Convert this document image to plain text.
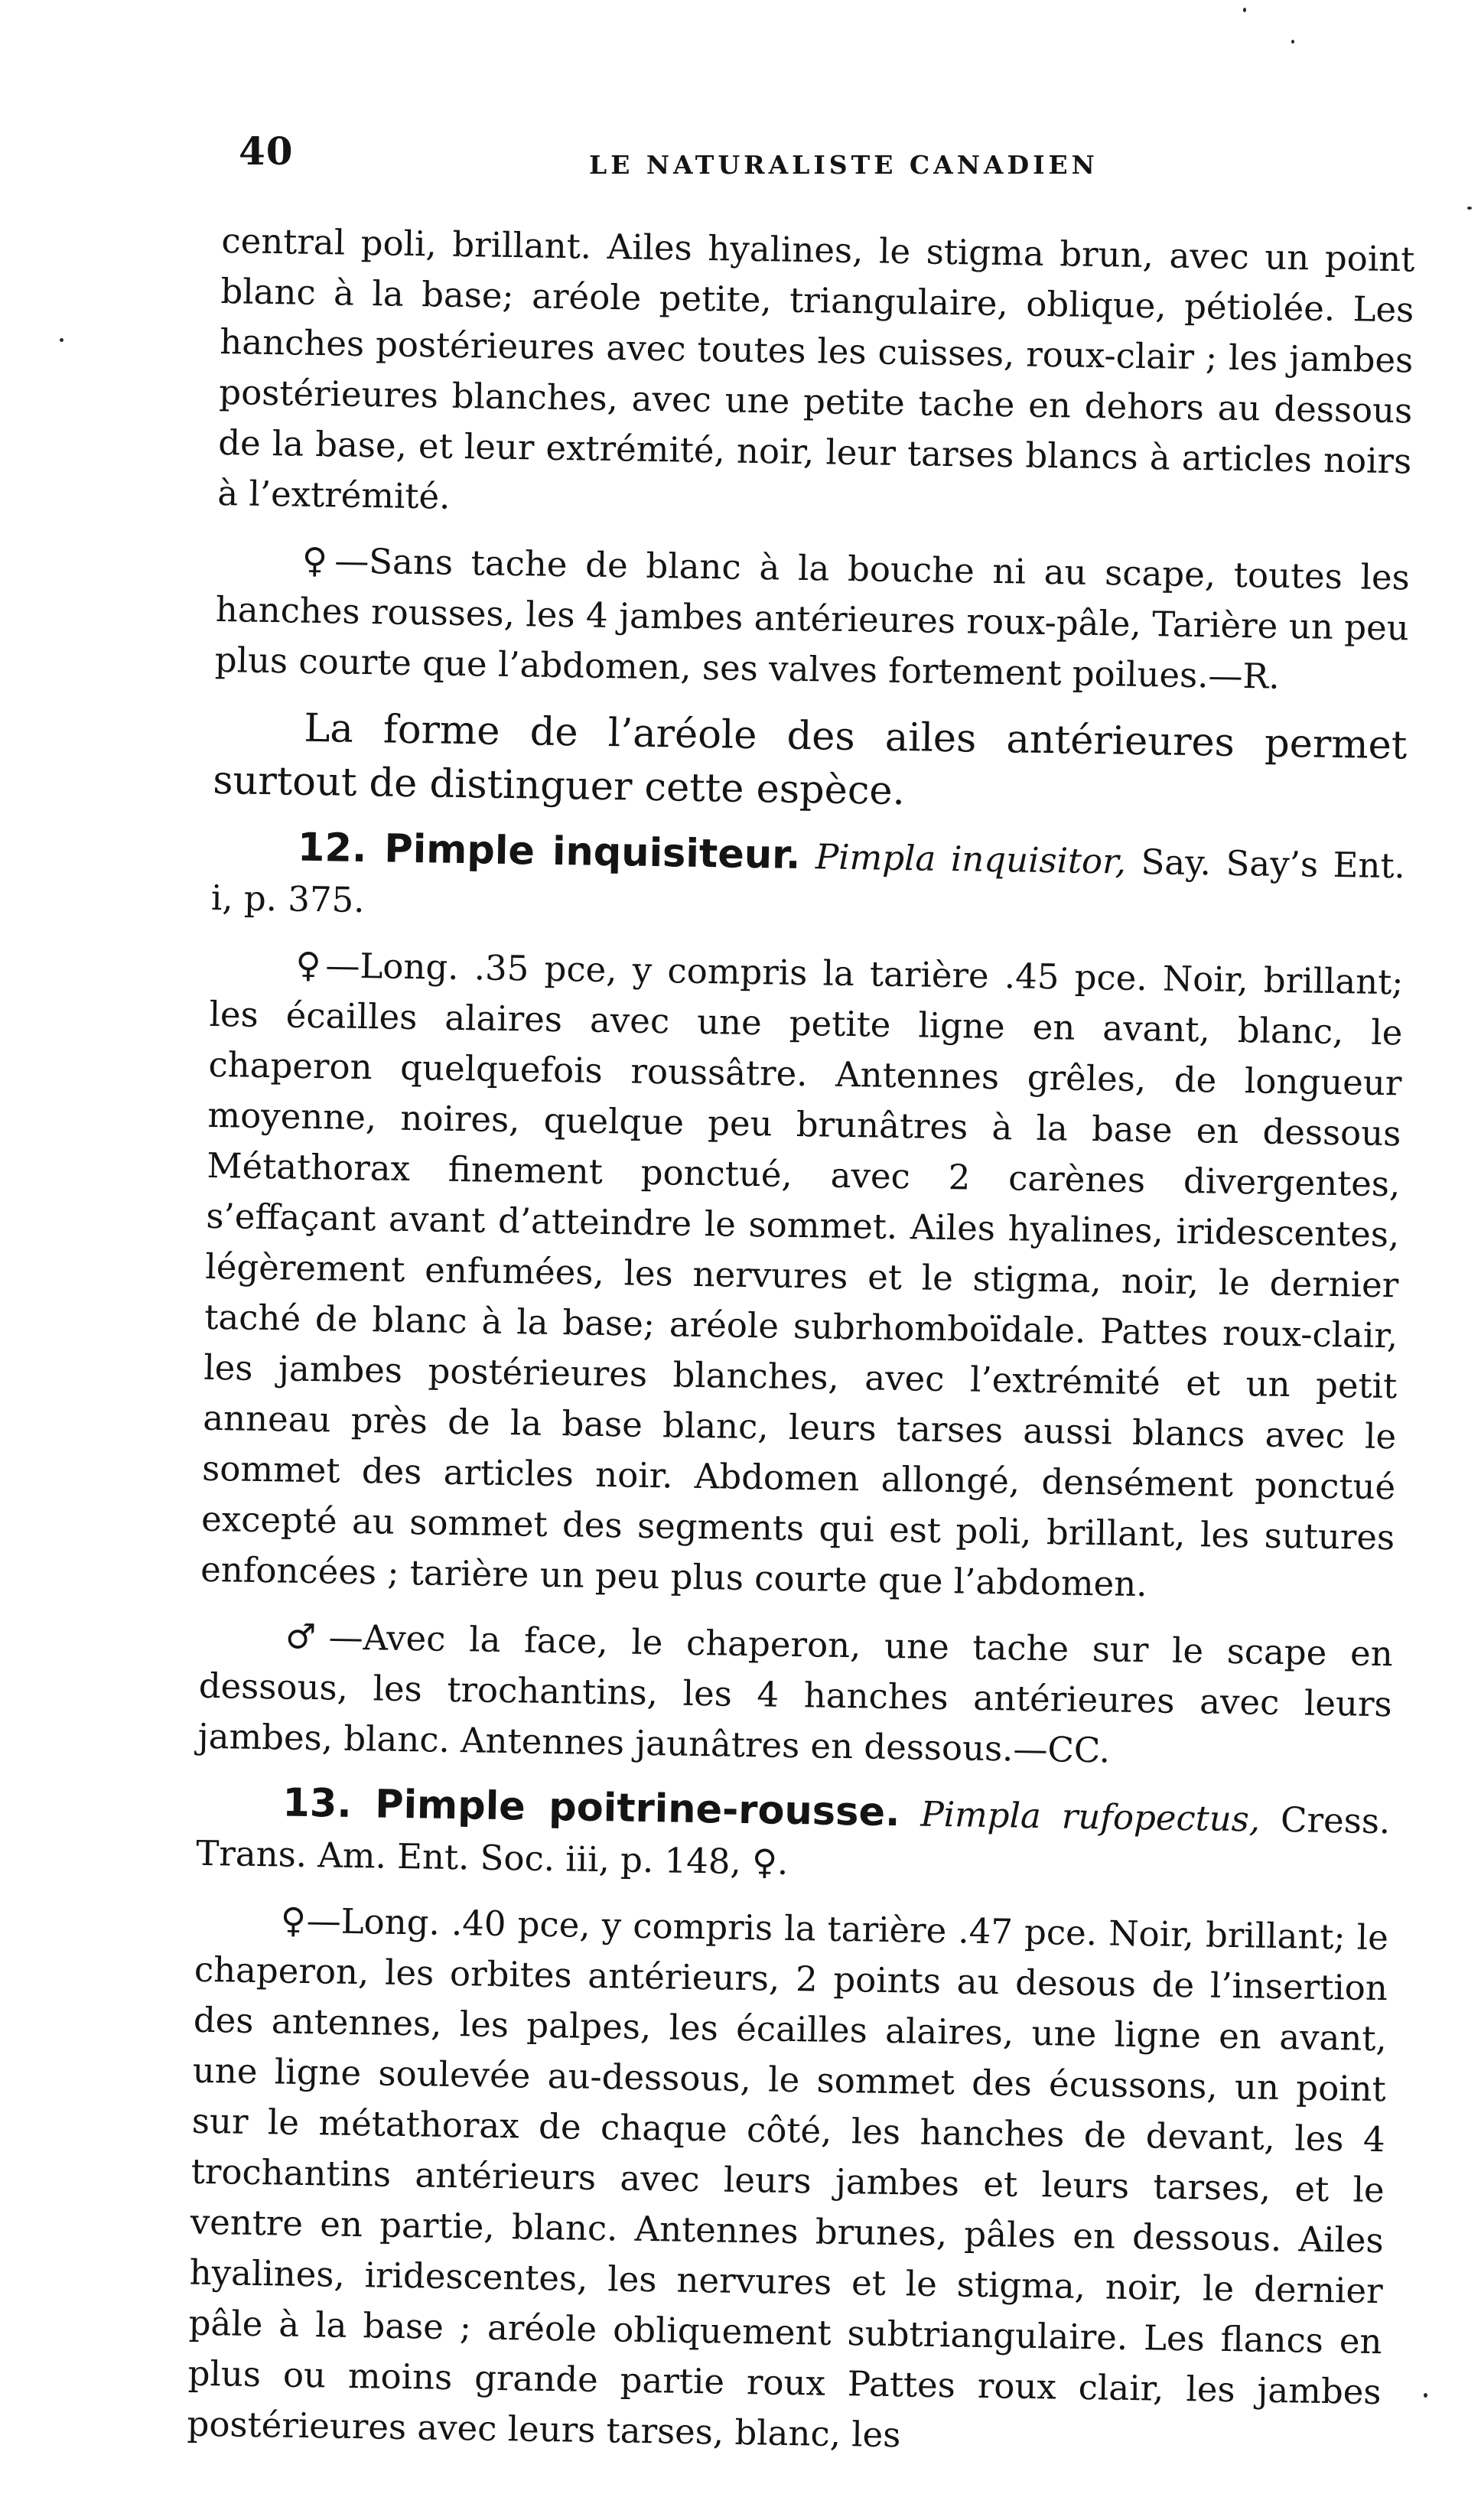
40	LE NATURALISTE CANADIEN

central poli, brillant. Ailes hyalines, le stigma brun, avec un point blanc à la base; aréole petite, triangulaire, oblique, pétiolée. Les hanches postérieures avec toutes les cuisses, roux-clair ; les jambes postérieures blanches, avec une petite tache en dehors au dessous de la base, et leur extrémité, noir, leur tarses blancs à articles noirs à l’extrémité.

♀—Sans tache de blanc à la bouche ni au scape, toutes les hanches rousses, les 4 jambes antérieures roux-pâle, Tarière un peu plus courte que l’abdomen, ses valves fortement poilues.—R.

La forme de l’aréole des ailes antérieures permet surtout de distinguer cette espèce.

12. Pimple inquisiteur. Pimpla inquisitor, Say. Say’s Ent. i, p. 375.

♀—Long. .35 pce, y compris la tarière .45 pce. Noir, brillant; les écailles alaires avec une petite ligne en avant, blanc, le chaperon quelquefois roussâtre. Antennes grêles, de longueur moyenne, noires, quelque peu brunâtres à la base en dessous Métathorax finement ponctué, avec 2 carènes divergentes, s’effaçant avant d’atteindre le sommet. Ailes hyalines, iridescentes, légèrement enfumées, les nervures et le stigma, noir, le dernier taché de blanc à la base; aréole subrhomboïdale. Pattes roux-clair, les jambes postérieures blanches, avec l’extrémité et un petit anneau près de la base blanc, leurs tarses aussi blancs avec le sommet des articles noir. Abdomen allongé, densément ponctué excepté au sommet des segments qui est poli, brillant, les sutures enfoncées ; tarière un peu plus courte que l’abdomen.

♂—Avec la face, le chaperon, une tache sur le scape en dessous, les trochantins, les 4 hanches antérieures avec leurs jambes, blanc. Antennes jaunâtres en dessous.—CC.

13. Pimple poitrine-rousse. Pimpla rufopectus, Cress. Trans. Am. Ent. Soc. iii, p. 148, ♀.

♀—Long. .40 pce, y compris la tarière .47 pce. Noir, brillant; le chaperon, les orbites antérieurs, 2 points au desous de l’insertion des antennes, les palpes, les écailles alaires, une ligne en avant, une ligne soulevée au-dessous, le sommet des écussons, un point sur le métathorax de chaque côté, les hanches de devant, les 4 trochantins antérieurs avec leurs jambes et leurs tarses, et le ventre en partie, blanc. Antennes brunes, pâles en dessous. Ailes hyalines, iridescentes, les nervures et le stigma, noir, le dernier pâle à la base ; aréole obliquement subtriangulaire. Les flancs en plus ou moins grande partie roux Pattes roux clair, les jambes postérieures avec leurs tarses, blanc, les
